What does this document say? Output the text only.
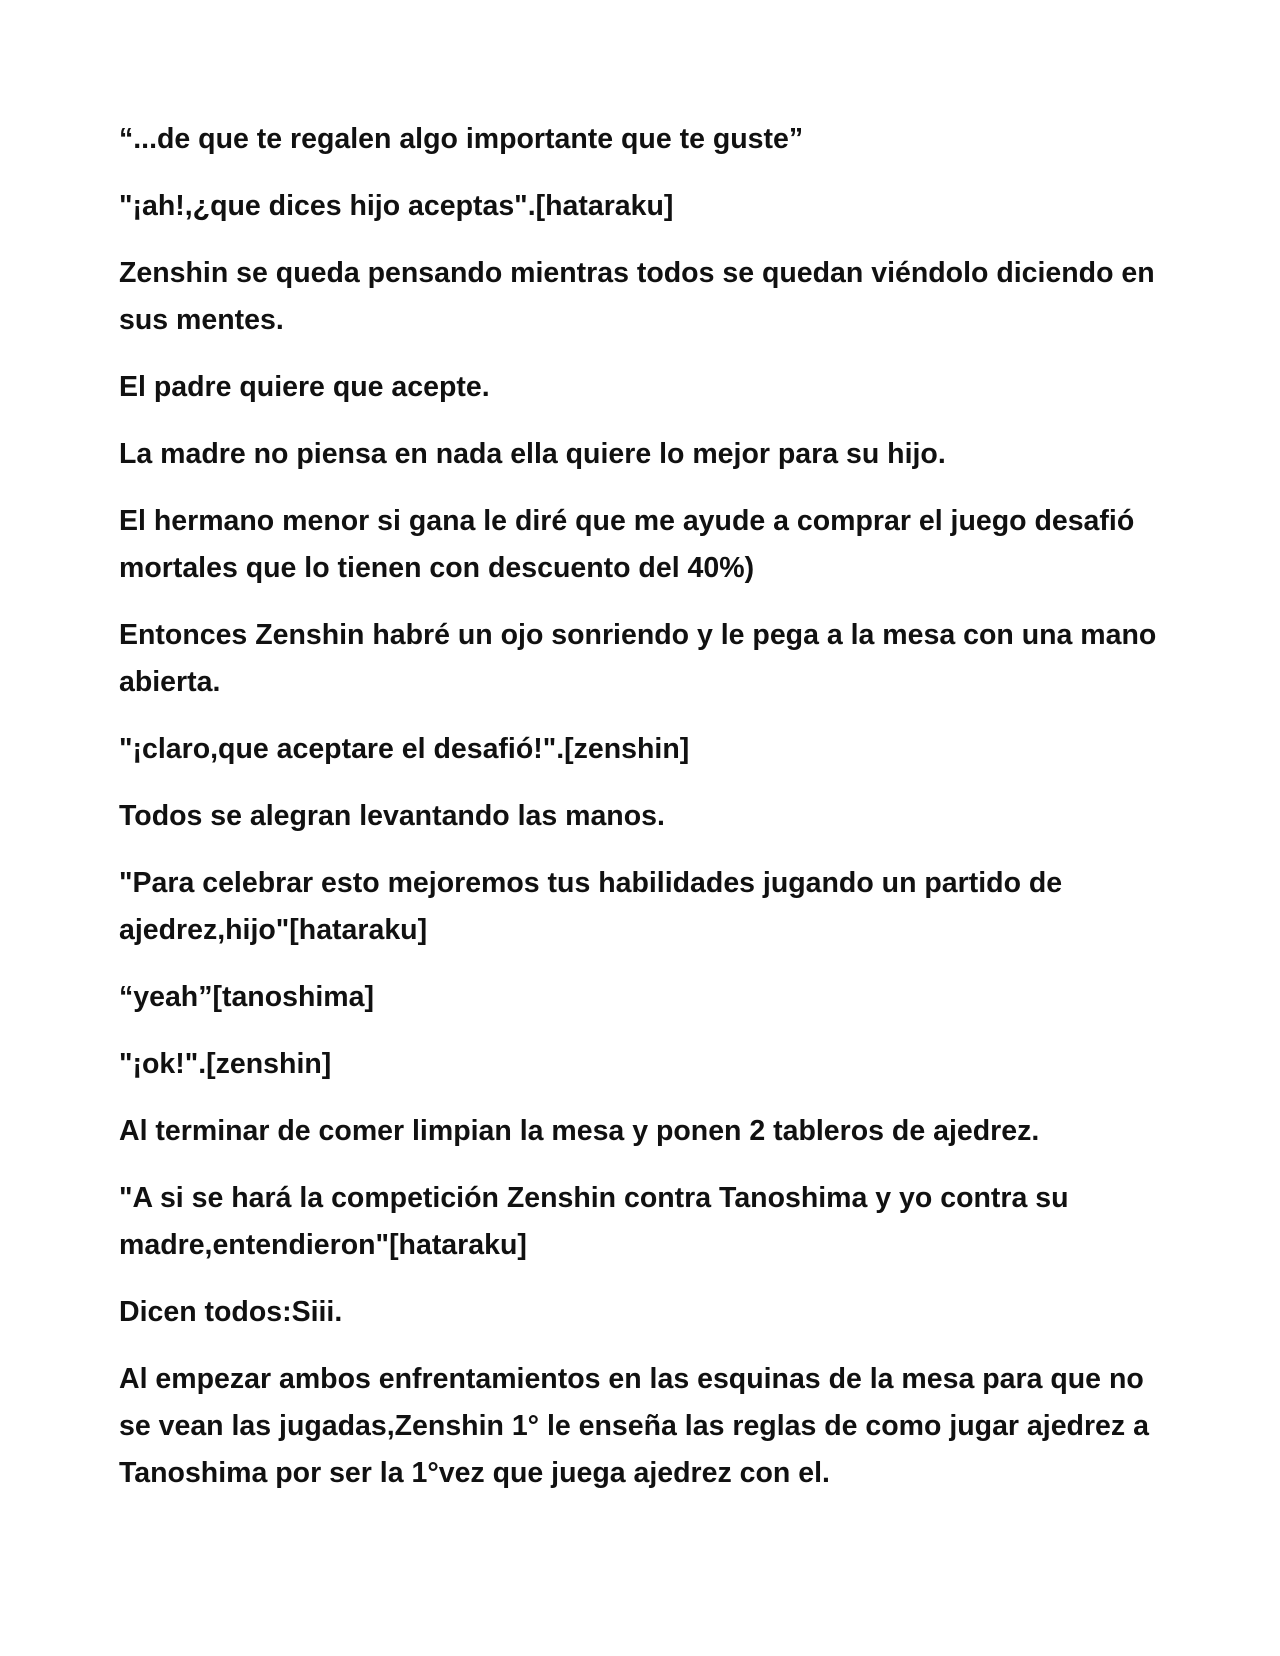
“...de que te regalen algo importante que te guste”

"¡ah!,¿que dices hijo aceptas".[hataraku]

Zenshin se queda pensando mientras todos se quedan viéndolo diciendo en sus mentes.

El padre quiere que acepte.

La madre no piensa en nada ella quiere lo mejor para su hijo.

El hermano menor si gana le diré que me ayude a comprar el juego desafió mortales que lo tienen con descuento del 40%)

Entonces Zenshin habré un ojo sonriendo y le pega a la mesa con una mano abierta.

"¡claro,que aceptare el desafió!".[zenshin]

Todos se alegran levantando las manos.

"Para celebrar esto mejoremos tus habilidades jugando un partido de ajedrez,hijo"[hataraku]

“yeah”[tanoshima]

"¡ok!".[zenshin]

Al terminar de comer limpian la mesa y ponen 2 tableros de ajedrez.

"A si se hará la competición Zenshin contra Tanoshima y yo contra su madre,entendieron"[hataraku]

Dicen todos:Siii.

Al empezar ambos enfrentamientos en las esquinas de la mesa para que no se vean las jugadas,Zenshin 1° le enseña las reglas de como jugar ajedrez a Tanoshima por ser la 1°vez que juega ajedrez con el.
